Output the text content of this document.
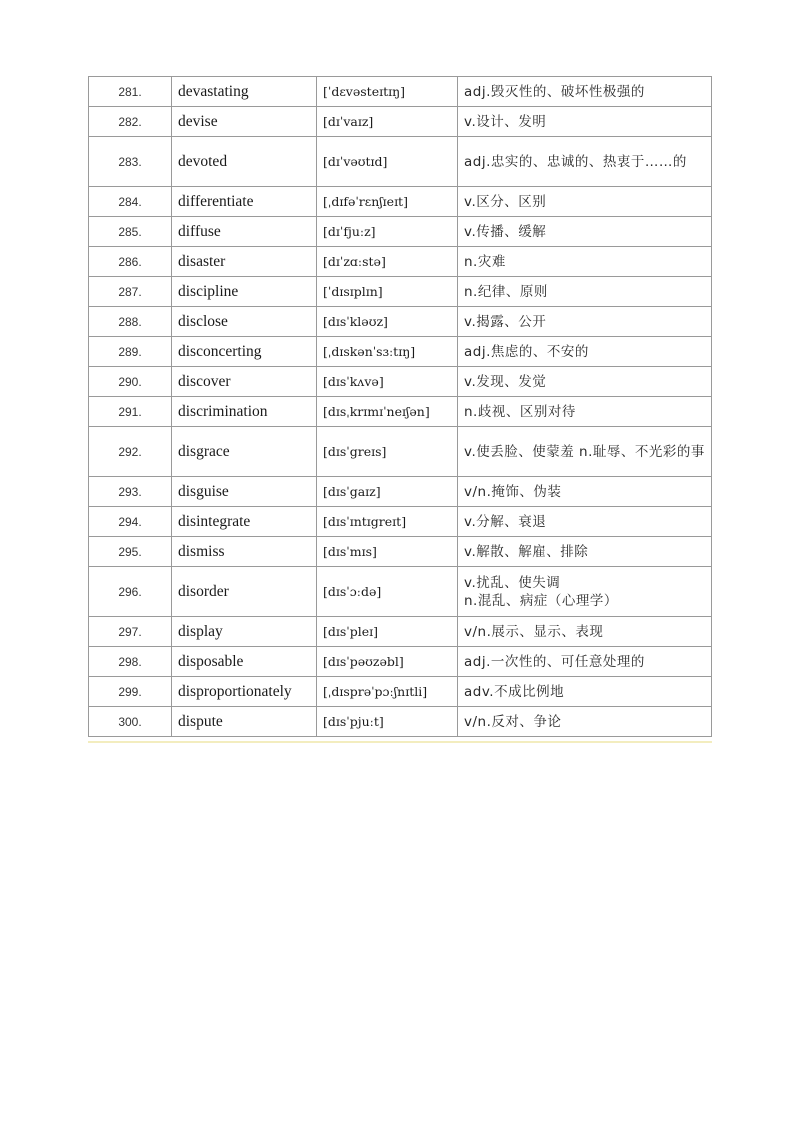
281.	devastating	[ˈdɛvəsteɪtɪŋ]	adj.毁灭性的、破坏性极强的
282.	devise	[dɪˈvaɪz]	v.设计、发明
283.	devoted	[dɪˈvəʊtɪd]	adj.忠实的、忠诚的、热衷于……的
284.	differentiate	[ˌdɪfəˈrɛnʃɪeɪt]	v.区分、区别
285.	diffuse	[dɪˈfjuːz]	v.传播、缓解
286.	disaster	[dɪˈzɑːstə]	n.灾难
287.	discipline	[ˈdɪsɪplɪn]	n.纪律、原则
288.	disclose	[dɪsˈkləʊz]	v.揭露、公开
289.	disconcerting	[ˌdɪskənˈsɜːtɪŋ]	adj.焦虑的、不安的
290.	discover	[dɪsˈkʌvə]	v.发现、发觉
291.	discrimination	[dɪsˌkrɪmɪˈneɪʃən]	n.歧视、区别对待
292.	disgrace	[dɪsˈgreɪs]	v.使丢脸、使蒙羞 n.耻辱、不光彩的事
293.	disguise	[dɪsˈgaɪz]	v/n.掩饰、伪装
294.	disintegrate	[dɪsˈɪntɪgreɪt]	v.分解、衰退
295.	dismiss	[dɪsˈmɪs]	v.解散、解雇、排除
296.	disorder	[dɪsˈɔːdə]	v.扰乱、使失调
n.混乱、病症（心理学）

297.	display	[dɪsˈpleɪ]	v/n.展示、显示、表现
298.	disposable	[dɪsˈpəʊzəbl]	adj.一次性的、可任意处理的
299.	disproportionately	[ˌdɪsprəˈpɔːʃnɪtli]	adv.不成比例地
300.	dispute	[dɪsˈpjuːt]	v/n.反对、争论
